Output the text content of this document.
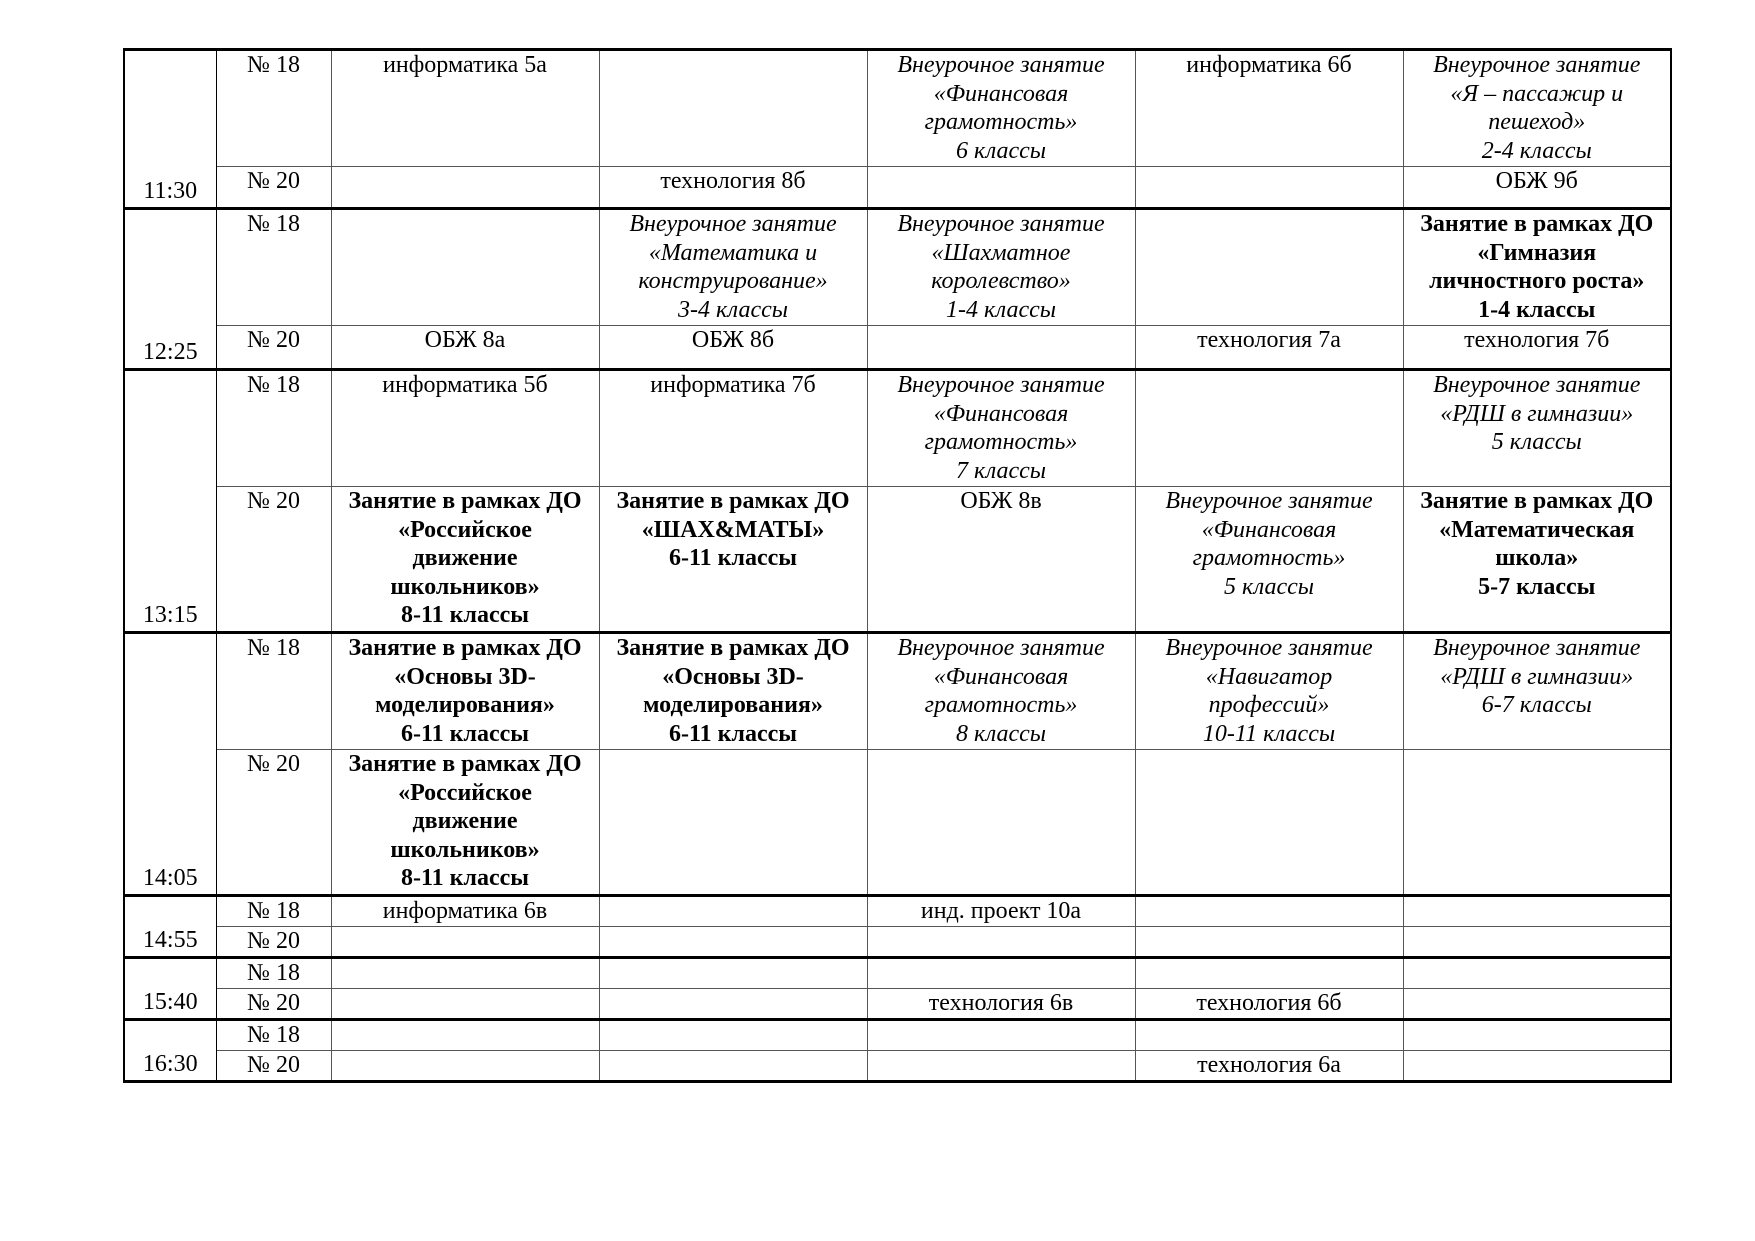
11:30	№ 18	информатика 5а		Внеурочное занятие
«Финансовая
грамотность»
6 классы	информатика 6б	Внеурочное занятие
«Я – пассажир и
пешеход»
2-4 классы

	№ 20		технология 8б			ОБЖ 9б

12:25	№ 18		Внеурочное занятие
«Математика и
конструирование»
3-4 классы	Внеурочное занятие
«Шахматное
королевство»
1-4 классы		Занятие в рамках ДО
«Гимназия
личностного роста»
1-4 классы

	№ 20	ОБЖ 8а	ОБЖ 8б		технология 7а	технология 7б

13:15	№ 18	информатика 5б	информатика 7б	Внеурочное занятие
«Финансовая
грамотность»
7 классы		Внеурочное занятие
«РДШ в гимназии»
5 классы

	№ 20	Занятие в рамках ДО
«Российское
движение
школьников»
8-11 классы	Занятие в рамках ДО
«ШАХ&МАТЫ»
6-11 классы	ОБЖ 8в	Внеурочное занятие
«Финансовая
грамотность»
5 классы	Занятие в рамках ДО
«Математическая
школа»
5-7 классы

14:05	№ 18	Занятие в рамках ДО
«Основы 3D-
моделирования»
6-11 классы	Занятие в рамках ДО
«Основы 3D-
моделирования»
6-11 классы	Внеурочное занятие
«Финансовая
грамотность»
8 классы	Внеурочное занятие
«Навигатор
профессий»
10-11 классы	Внеурочное занятие
«РДШ в гимназии»
6-7 классы

	№ 20	Занятие в рамках ДО
«Российское
движение
школьников»
8-11 классы				

14:55	№ 18	информатика 6в		инд. проект 10а		

	№ 20					
15:40	№ 18					
	№ 20			технология 6в	технология 6б	

16:30	№ 18					
	№ 20				технология 6а	
